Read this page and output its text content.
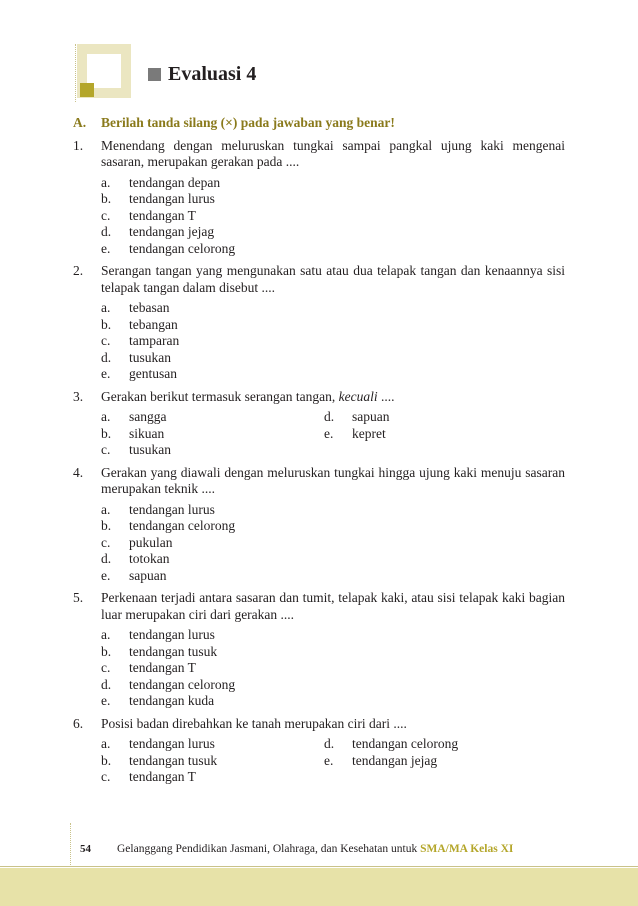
Evaluasi 4
A.	Berilah tanda silang (×) pada jawaban yang benar!
1.	Menendang dengan meluruskan tungkai sampai pangkal ujung kaki mengenai sasaran, merupakan gerakan pada ....
a.	tendangan depan
b.	tendangan lurus
c.	tendangan T
d.	tendangan jejag
e.	tendangan celorong
2.	Serangan tangan yang mengunakan satu atau dua telapak tangan dan kenaannya sisi telapak tangan dalam disebut ....
a.	tebasan
b.	tebangan
c.	tamparan
d.	tusukan
e.	gentusan
3.	Gerakan berikut termasuk serangan tangan, kecuali ....
a.	sangga
b.	sikuan
c.	tusukan
d.	sapuan
e.	kepret
4.	Gerakan yang diawali dengan meluruskan tungkai hingga ujung kaki menuju sasaran merupakan teknik ....
a.	tendangan lurus
b.	tendangan celorong
c.	pukulan
d.	totokan
e.	sapuan
5.	Perkenaan terjadi antara sasaran dan tumit, telapak kaki, atau sisi telapak kaki bagian luar merupakan ciri dari gerakan ....
a.	tendangan lurus
b.	tendangan tusuk
c.	tendangan T
d.	tendangan celorong
e.	tendangan kuda
6.	Posisi badan direbahkan ke tanah merupakan ciri dari ....
a.	tendangan lurus
b.	tendangan tusuk
c.	tendangan T
d.	tendangan celorong
e.	tendangan jejag
54 Gelanggang Pendidikan Jasmani, Olahraga, dan Kesehatan untuk SMA/MA Kelas XI
